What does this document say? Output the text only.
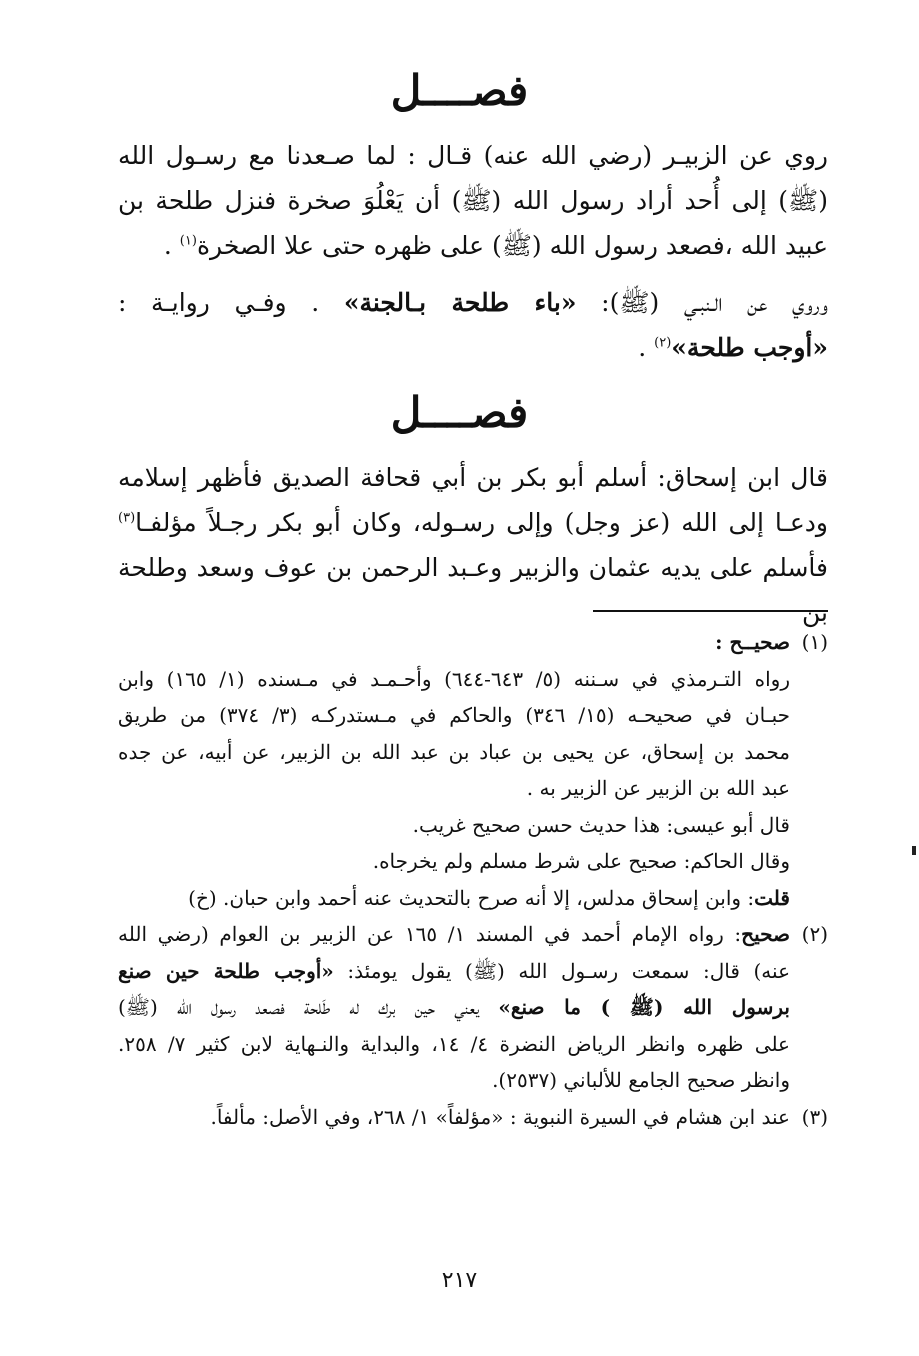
فصــــل

روي عن الزبيـر (رضي الله عنه) قـال : لما صـعدنا مع رسـول الله

(ﷺ) إلى أُحد أراد رسول الله (ﷺ) أن يَعْلُوَ صخرة فنزل طلحة بن

عبيد الله ،فصعد رسول الله (ﷺ) على ظهره حتى علا الصخرة$^{(١)}$ .

وروي عن الـنبـي (ﷺ): «باء طلحة بـالجنة» . وفـي روايـة :

«أوجب طلحة»$^{(٢)}$ .

فصــــل

قال ابن إسحاق: أسلم أبو بكر بن أبي قحافة الصديق فأظهر إسلامه

ودعـا إلى الله (عز وجل) وإلى رسـوله، وكان أبو بكر رجـلاً مؤلفـا$^{(٣)}$

فأسلم على يديه عثمان والزبير وعـبد الرحمن بن عوف وسعد وطلحة بن

(١)صحيــح :

رواه التـرمذي في سـننه (٥/ ٦٤٣-٦٤٤) وأحـمـد في مـسنده (١/ ١٦٥) وابن

حبـان في صحيحـه (١٥/ ٣٤٦) والحاكم في مـستدركـه (٣/ ٣٧٤) من طريق

محمد بن إسحاق، عن يحيى بن عباد بن عبد الله بن الزبير، عن أبيه، عن جده

عبد الله بن الزبير عن الزبير به .

قال أبو عيسى: هذا حديث حسن صحيح غريب.

وقال الحاكم: صحيح على شرط مسلم ولم يخرجاه.

قلت: وابن إسحاق مدلس، إلا أنه صرح بالتحديث عنه أحمد وابن حبان. (خ)

(٢)صحيح: رواه الإمام أحمد في المسند ١/ ١٦٥ عن الزبير بن العوام (رضي الله

عنه) قال: سمعت رسـول الله (ﷺ) يقول يومئذ: «أوجب طلحة حين صنع

برسول الله (ﷺ ) ما صنع» يعني حين برك له طَلحة فصعد رسول الله (ﷺ)

على ظهره وانظر الرياض النضرة ٤/ ١٤، والبداية والنـهاية لابن كثير ٧/ ٢٥٨.

وانظر صحيح الجامع للألباني (٢٥٣٧).

(٣)عند ابن هشام في السيرة النبوية : «مؤلفاً» ١/ ٢٦٨، وفي الأصل: مألفاً.

٢١٧
